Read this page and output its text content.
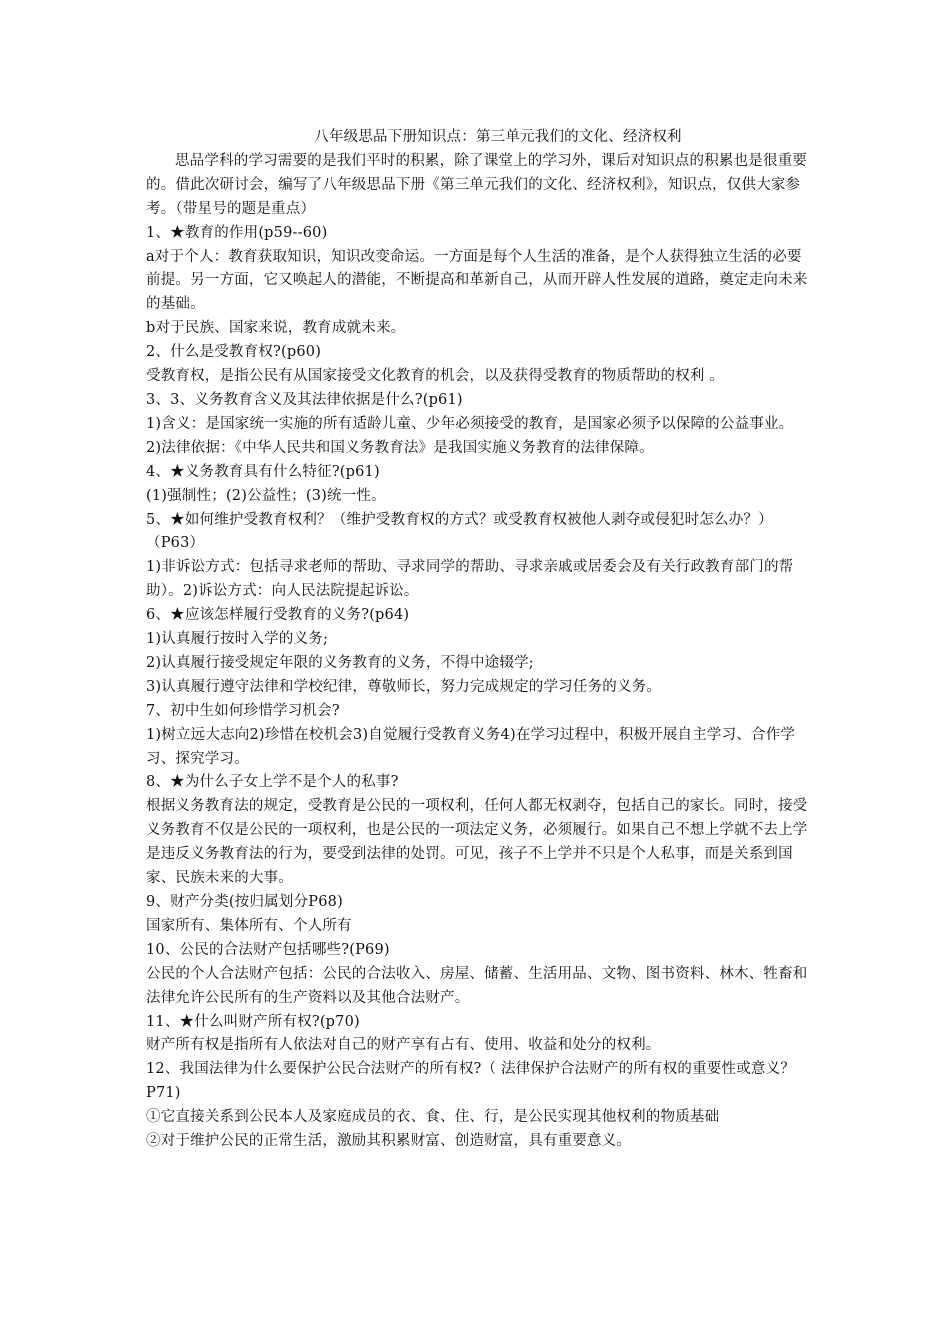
八年级思品下册知识点：第三单元我们的文化、经济权利

思品学科的学习需要的是我们平时的积累，除了课堂上的学习外，课后对知识点的积累也是很重要的。借此次研讨会，编写了八年级思品下册《第三单元我们的文化、经济权利》，知识点，仅供大家参考。（带星号的题是重点）

1、★教育的作用(p59--60)

a对于个人：教育获取知识，知识改变命运。一方面是每个人生活的准备，是个人获得独立生活的必要前提。另一方面，它又唤起人的潜能，不断提高和革新自己，从而开辟人性发展的道路，奠定走向未来的基础。

b对于民族、国家来说，教育成就未来。

2、什么是受教育权?(p60)

受教育权，是指公民有从国家接受文化教育的机会，以及获得受教育的物质帮助的权利 。

3、3、义务教育含义及其法律依据是什么?(p61)

1)含义：是国家统一实施的所有适龄儿童、少年必须接受的教育，是国家必须予以保障的公益事业。

2)法律依据：《中华人民共和国义务教育法》是我国实施义务教育的法律保障。

4、★义务教育具有什么特征?(p61)

(1)强制性；(2)公益性；(3)统一性。

5、★如何维护受教育权利？（维护受教育权的方式？或受教育权被他人剥夺或侵犯时怎么办？）（P63）

1)非诉讼方式：包括寻求老师的帮助、寻求同学的帮助、寻求亲戚或居委会及有关行政教育部门的帮助）。2)诉讼方式：向人民法院提起诉讼。

6、★应该怎样履行受教育的义务?(p64)

1)认真履行按时入学的义务;

2)认真履行接受规定年限的义务教育的义务，不得中途辍学;

3)认真履行遵守法律和学校纪律，尊敬师长，努力完成规定的学习任务的义务。

7、初中生如何珍惜学习机会?

1)树立远大志向2)珍惜在校机会3)自觉履行受教育义务4)在学习过程中，积极开展自主学习、合作学习、探究学习。

8、★为什么子女上学不是个人的私事?

根据义务教育法的规定，受教育是公民的一项权利，任何人都无权剥夺，包括自己的家长。同时，接受义务教育不仅是公民的一项权利，也是公民的一项法定义务，必须履行。如果自己不想上学就不去上学是违反义务教育法的行为，要受到法律的处罚。可见，孩子不上学并不只是个人私事，而是关系到国家、民族未来的大事。

9、财产分类(按归属划分P68)

国家所有、集体所有、个人所有

10、公民的合法财产包括哪些?(P69)

公民的个人合法财产包括：公民的合法收入、房屋、储蓄、生活用品、文物、图书资料、林木、牲畜和法律允许公民所有的生产资料以及其他合法财产。

11、★什么叫财产所有权?(p70)

财产所有权是指所有人依法对自己的财产享有占有、使用、收益和处分的权利。

12、我国法律为什么要保护公民合法财产的所有权?（ 法律保护合法财产的所有权的重要性或意义？P71)

①它直接关系到公民本人及家庭成员的衣、食、住、行，是公民实现其他权利的物质基础

②对于维护公民的正常生活，激励其积累财富、创造财富，具有重要意义。
